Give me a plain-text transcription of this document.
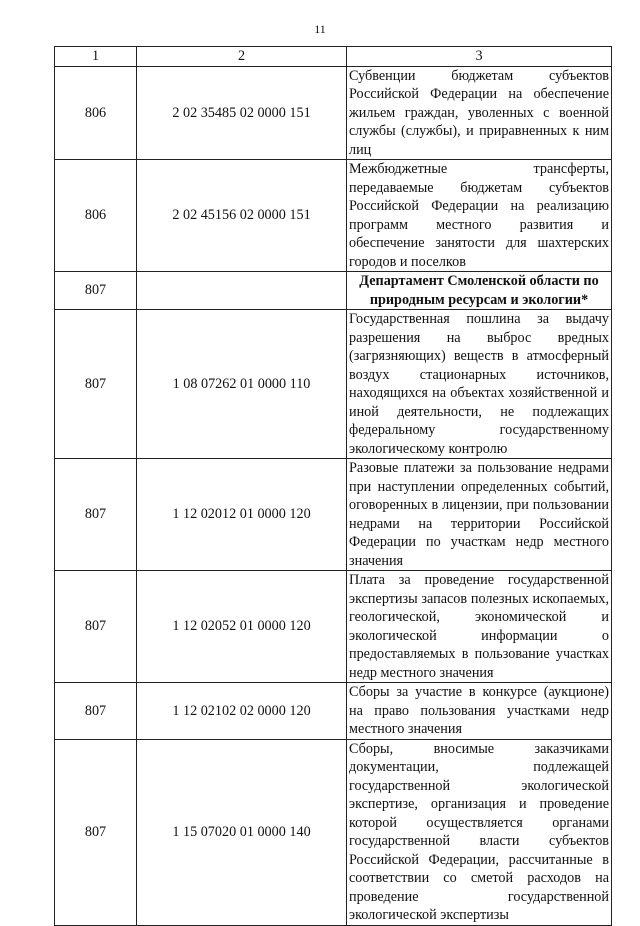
11
1	2	3
806	2 02 35485 02 0000 151	Субвенции бюджетам субъектов Российской Федерации на обеспечение жильем граждан, уволенных с военной службы (службы), и приравненных к ним лиц
806	2 02 45156 02 0000 151	Межбюджетные трансферты, передаваемые бюджетам субъектов Российской Федерации на реализацию программ местного развития и обеспечение занятости для шахтерских городов и поселков
807		Департамент Смоленской области по природным ресурсам и экологии*
807	1 08 07262 01 0000 110	Государственная пошлина за выдачу разрешения на выброс вредных (загрязняющих) веществ в атмосферный воздух стационарных источников, находящихся на объектах хозяйственной и иной деятельности, не подлежащих федеральному государственному экологическому контролю
807	1 12 02012 01 0000 120	Разовые платежи за пользование недрами при наступлении определенных событий, оговоренных в лицензии, при пользовании недрами на территории Российской Федерации по участкам недр местного значения
807	1 12 02052 01 0000 120	Плата за проведение государственной экспертизы запасов полезных ископаемых, геологической, экономической и экологической информации о предоставляемых в пользование участках недр местного значения
807	1 12 02102 02 0000 120	Сборы за участие в конкурсе (аукционе) на право пользования участками недр местного значения
807	1 15 07020 01 0000 140	Сборы, вносимые заказчиками документации, подлежащей государственной экологической экспертизе, организация и проведение которой осуществляется органами государственной власти субъектов Российской Федерации, рассчитанные в соответствии со сметой расходов на проведение государственной экологической экспертизы
